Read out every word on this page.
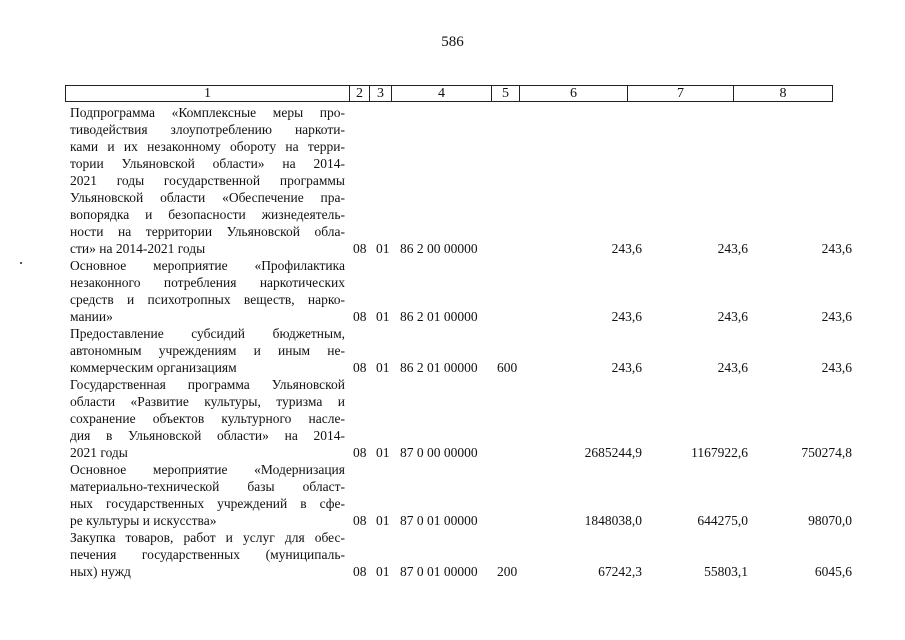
586
1	2	3	4	5	6	7	8
Подпрограмма «Комплексные меры про-
тиводействия злоупотреблению наркоти-
ками и их незаконному обороту на терри-
тории Ульяновской области» на 2014-
2021 годы государственной программы
Ульяновской области «Обеспечение пра-
вопорядка и безопасности жизнедеятель-
ности на территории Ульяновской обла-
сти» на 2014-2021 годы	08 01 86 2 00 00000	243,6	243,6	243,6
Основное мероприятие «Профилактика
незаконного потребления наркотических
средств и психотропных веществ, нарко-
мании»	08 01 86 2 01 00000	243,6	243,6	243,6
Предоставление субсидий бюджетным,
автономным учреждениям и иным не-
коммерческим организациям	08 01 86 2 01 00000 600	243,6	243,6	243,6
Государственная программа Ульяновской
области «Развитие культуры, туризма и
сохранение объектов культурного насле-
дия в Ульяновской области» на 2014-
2021 годы	08 01 87 0 00 00000	2685244,9	1167922,6	750274,8
Основное мероприятие «Модернизация
материально-технической базы област-
ных государственных учреждений в сфе-
ре культуры и искусства»	08 01 87 0 01 00000	1848038,0	644275,0	98070,0
Закупка товаров, работ и услуг для обес-
печения государственных (муниципаль-
ных) нужд	08 01 87 0 01 00000 200	67242,3	55803,1	6045,6
